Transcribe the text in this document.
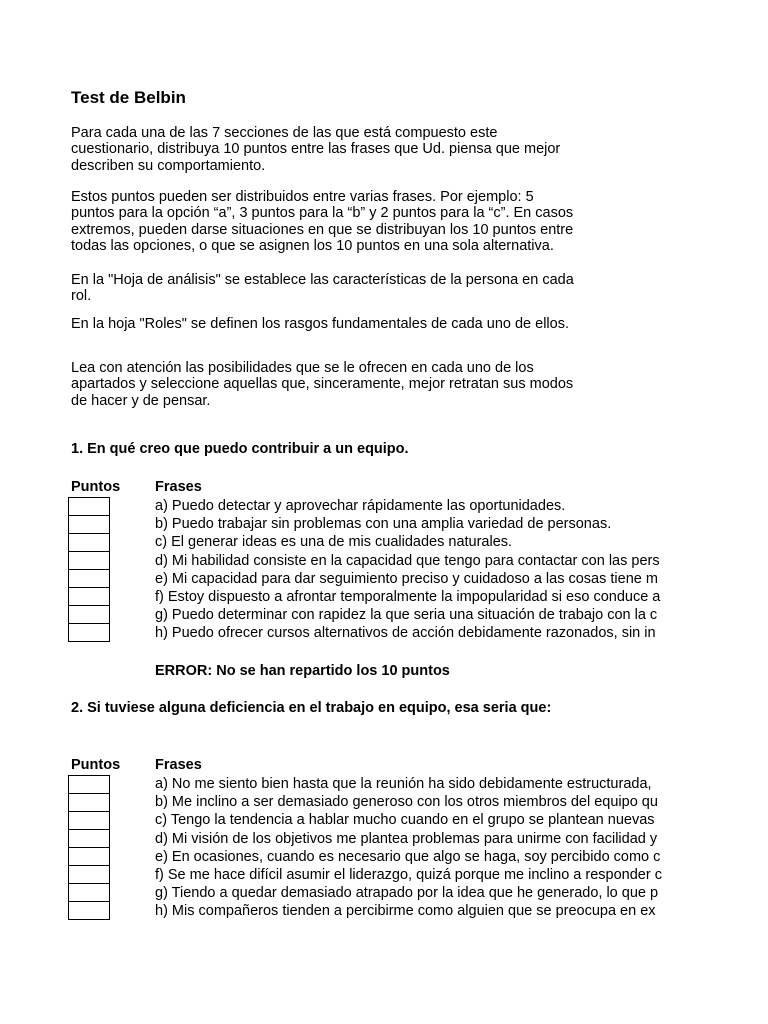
Test de Belbin

Para cada una de las 7 secciones de las que está compuesto este
cuestionario, distribuya 10 puntos entre las frases que Ud. piensa que mejor
describen su comportamiento.

Estos puntos pueden ser distribuidos entre varias frases. Por ejemplo: 5
puntos para la opción “a”, 3 puntos para la “b” y 2 puntos para la “c”. En casos
extremos, pueden darse situaciones en que se distribuyan los 10 puntos entre
todas las opciones, o que se asignen los 10 puntos en una sola alternativa.

En la "Hoja de análisis" se establece las características de la persona en cada
rol.

En la hoja "Roles" se definen los rasgos fundamentales de cada uno de ellos.

Lea con atención las posibilidades que se le ofrecen en cada uno de los
apartados y seleccione aquellas que, sinceramente, mejor retratan sus modos
de hacer y de pensar.

1. En qué creo que puedo contribuir a un equipo.
Puntos Frases
a) Puedo detectar y aprovechar rápidamente las oportunidades.
b) Puedo trabajar sin problemas con una amplia variedad de personas.
c) El generar ideas es una de mis cualidades naturales.
d) Mi habilidad consiste en la capacidad que tengo para contactar con las pers
e) Mi capacidad para dar seguimiento preciso y cuidadoso a las cosas tiene m
f) Estoy dispuesto a afrontar temporalmente la impopularidad si eso conduce a
g) Puedo determinar con rapidez la que seria una situación de trabajo con la c
h) Puedo ofrecer cursos alternativos de acción debidamente razonados, sin in
ERROR: No se han repartido los 10 puntos
2. Si tuviese alguna deficiencia en el trabajo en equipo, esa seria que:
Puntos Frases
a) No me siento bien hasta que la reunión ha sido debidamente estructurada,
b) Me inclino a ser demasiado generoso con los otros miembros del equipo qu
c) Tengo la tendencia a hablar mucho cuando en el grupo se plantean nuevas
d) Mi visión de los objetivos me plantea problemas para unirme con facilidad y
e) En ocasiones, cuando es necesario que algo se haga, soy percibido como c
f) Se me hace difícil asumir el liderazgo, quizá porque me inclino a responder c
g) Tiendo a quedar demasiado atrapado por la idea que he generado, lo que p
h) Mis compañeros tienden a percibirme como alguien que se preocupa en ex
